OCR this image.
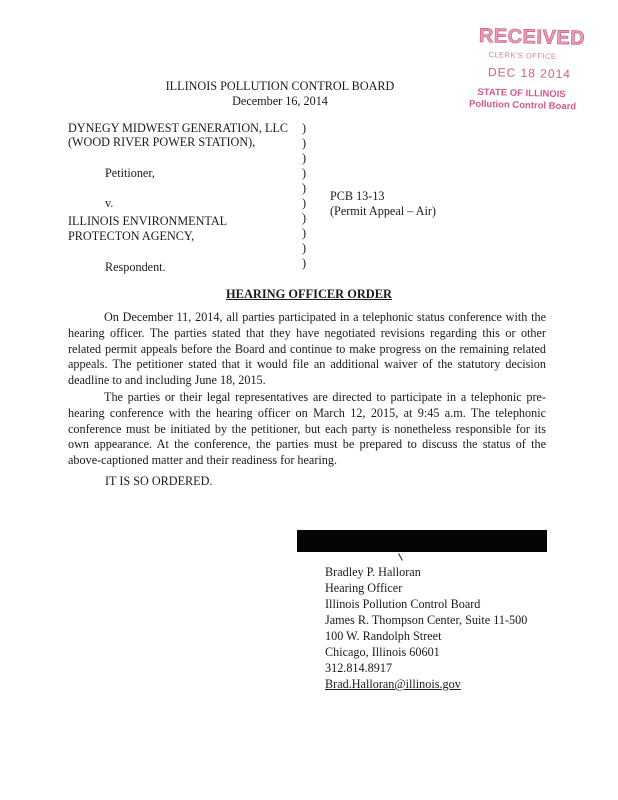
RECEIVED
CLERK'S OFFICE
DEC 18 2014
STATE OF ILLINOIS
Pollution Control Board
ILLINOIS POLLUTION CONTROL BOARD
December 16, 2014
DYNEGY MIDWEST GENERATION, LLC
(WOOD RIVER POWER STATION),
Petitioner,
v.
ILLINOIS ENVIRONMENTAL
PROTECTON AGENCY,
Respondent.
)
)
)
)
)
)
)
)
)
)
PCB 13-13
(Permit Appeal – Air)
HEARING OFFICER ORDER
On December 11, 2014, all parties participated in a telephonic status conference with the hearing officer. The parties stated that they have negotiated revisions regarding this or other related permit appeals before the Board and continue to make progress on the remaining related appeals. The petitioner stated that it would file an additional waiver of the statutory decision deadline to and including June 18, 2015.
The parties or their legal representatives are directed to participate in a telephonic pre-hearing conference with the hearing officer on March 12, 2015, at 9:45 a.m. The telephonic conference must be initiated by the petitioner, but each party is nonetheless responsible for its own appearance. At the conference, the parties must be prepared to discuss the status of the above-captioned matter and their readiness for hearing.
IT IS SO ORDERED.
Bradley P. Halloran
Hearing Officer
Illinois Pollution Control Board
James R. Thompson Center, Suite 11-500
100 W. Randolph Street
Chicago, Illinois 60601
312.814.8917
Brad.Halloran@illinois.gov
